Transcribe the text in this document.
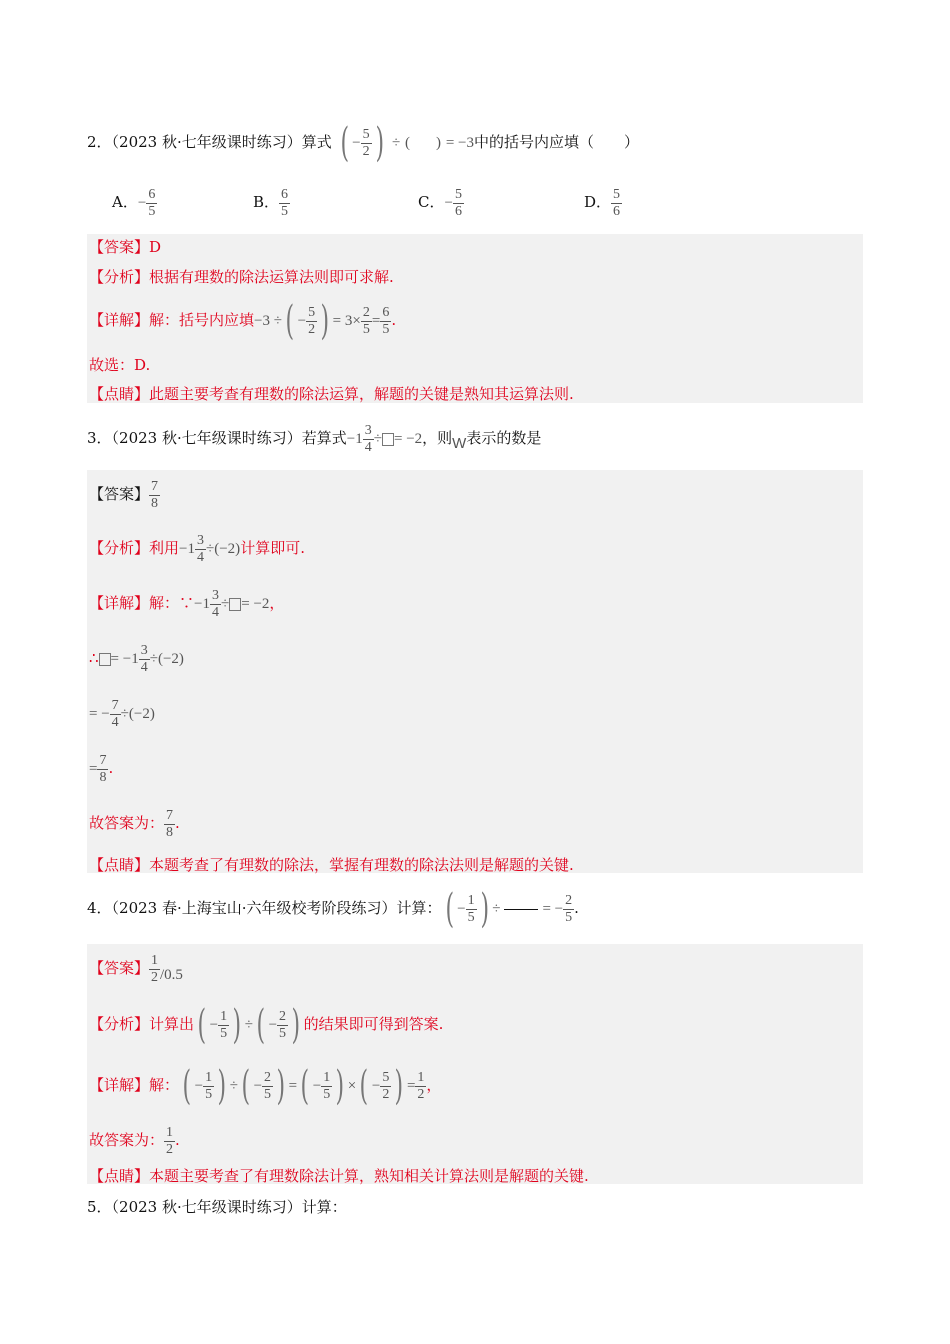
2．（2023 秋·七年级课时练习）算式 ( − $\frac{5}{2}$ ) ÷ ( ) = −3中的括号内应填（　　）
A．− $\frac{6}{5}$	B． $\frac{6}{5}$	C．− $\frac{5}{6}$	D． $\frac{5}{6}$
【答案】D
【分析】根据有理数的除法运算法则即可求解.
【详解】解：括号内应填−3 ÷( − $\frac{5}{2}$ ) = $3\times \frac{2}{5} = \frac{6}{5}$ .
故选：D.
【点睛】此题主要考查有理数的除法运算，解题的关键是熟知其运算法则.
3．（2023 秋·七年级课时练习）若算式$-1 \frac{3}{4}$ ÷ = −2，则W表示的数是
【答案】 $\frac{7}{8}$
【分析】利用$-1 \frac{3}{4} \div(-2)$计算即可.
【详解】解：∵−1 $\frac{3}{4}$ ÷ = −2，
∴ = $-1 \frac{3}{4} \div(-2)$
= − $\frac{7}{4} \div(-2)$
= $\frac{7}{8}$ .
故答案为： $\frac{7}{8}$ .
【点睛】本题考查了有理数的除法，掌握有理数的除法法则是解题的关键.
4．（2023 春·上海宝山·六年级校考阶段练习）计算：( − $\frac{1}{5}$ ) ÷	= − $\frac{2}{5}$ .
【答案】 $\frac{1}{2} /0.5$
【分析】计算出( − $\frac{1}{5}$ ) ÷( − $\frac{2}{5}$ ) 的结果即可得到答案.
【详解】解：( − $\frac{1}{5}$ ) ÷( − $\frac{2}{5}$ ) =( − $\frac{1}{5}$ ) ×( − $\frac{5}{2}$ ) = $\frac{1}{2}$ ，
故答案为： $\frac{1}{2}$ .
【点睛】本题主要考查了有理数除法计算，熟知相关计算法则是解题的关键.
5．（2023 秋·七年级课时练习）计算：
